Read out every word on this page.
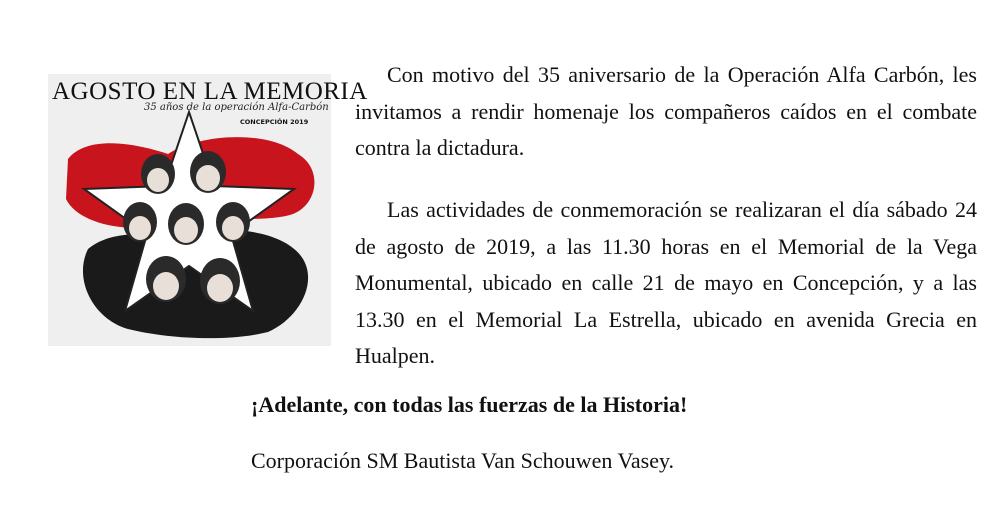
AGOSTO EN LA MEMORIA
35 años de la operación Alfa-Carbón
CONCEPCIÓN 2019

Con motivo del 35 aniversario de la Operación Alfa Carbón, les invitamos a rendir homenaje los compañeros caídos en el combate contra la dictadura.

Las actividades de conmemoración se realizaran el día sábado 24 de agosto de 2019, a las 11.30 horas en el Memorial de la Vega Monumental, ubicado en calle 21 de mayo en Concepción, y a las 13.30 en el Memorial La Estrella, ubicado en avenida Grecia en Hualpen.

¡Adelante, con todas las fuerzas de la Historia!

Corporación SM Bautista Van Schouwen Vasey.
